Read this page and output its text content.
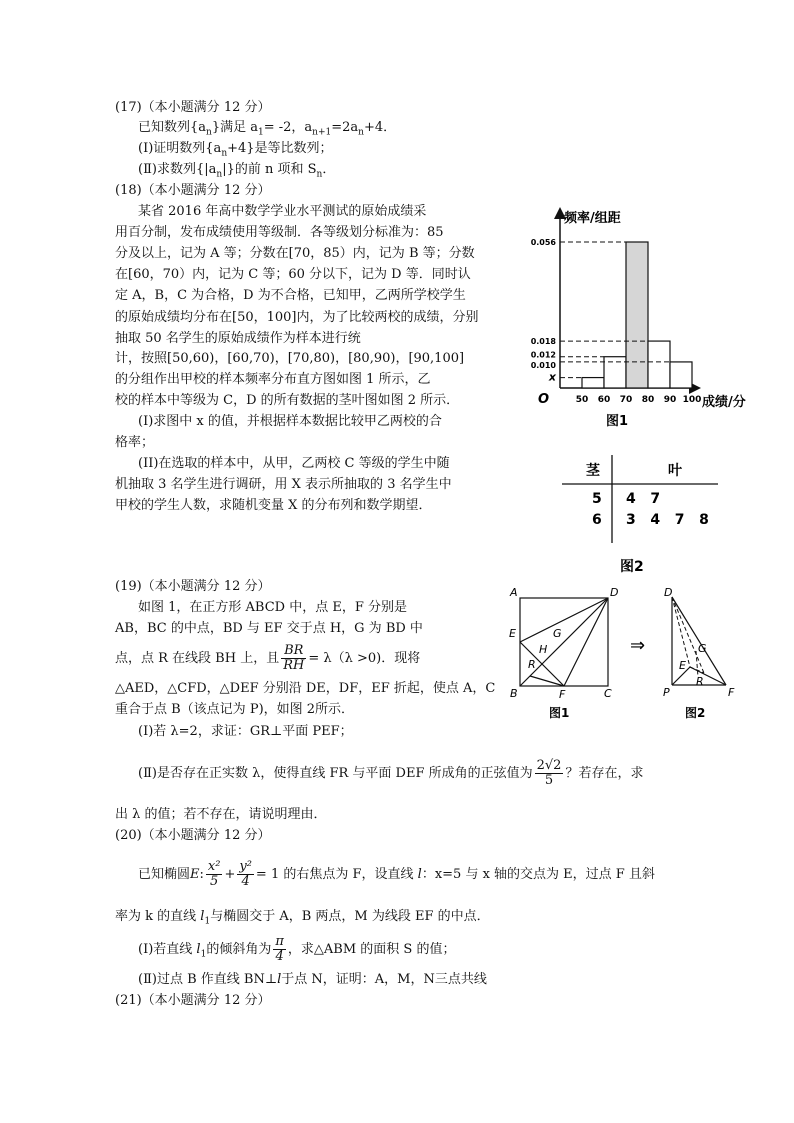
(17)（本小题满分 12 分）
已知数列$\{a_n\}$满足 $a_1= -2$，$a_{n+1}=2a_n+4$．
(I)证明数列$\{a_n+4\}$是等比数列；
(Ⅱ)求数列$\{|a_n|\}$的前 n 项和 $S_n$．
(18)（本小题满分 12 分）
某省 2016 年高中数学学业水平测试的原始成绩采
用百分制，发布成绩使用等级制．各等级划分标准为：85
分及以上，记为 A 等；分数在[70，85）内，记为 B 等；分数
在[60，70）内，记为 C 等；60 分以下，记为 D 等．同时认
定 A，B，C 为合格，D 为不合格，已知甲，乙两所学校学生
的原始成绩均分布在[50，100]内，为了比较两校的成绩，分别抽取 50 名学生的原始成绩作为样本进行统
计，按照[50,60)，[60,70)，[70,80)，[80,90)，[90,100]
的分组作出甲校的样本频率分布直方图如图 1 所示，乙
校的样本中等级为 C，D 的所有数据的茎叶图如图 2 所示．
(I)求图中 x 的值，并根据样本数据比较甲乙两校的合
格率；
(II)在选取的样本中，从甲，乙两校 C 等级的学生中随
机抽取 3 名学生进行调研，用 X 表示所抽取的 3 名学生中
甲校的学生人数，求随机变量 X 的分布列和数学期望．
频率/组距
成绩/分
O	50 60 70 80 90 100
0.056
0.018
0.012
0.010
x
图1
茎	叶
5 4   7
6 3   4   7   8
图2
(19)（本小题满分 12 分）
如图 1，在正方形 ABCD 中，点 E，F 分别是
AB，BC 的中点，BD 与 EF 交于点 H，G 为 BD 中
点，点 R 在线段 BH 上，且 $\frac{BR}{RH} = \lambda(\lambda >0)$．现将
△AED，△CFD，△DEF 分别沿 DE，DF，EF 折起，使点 A，C
重合于点 B（该点记为 P)，如图 2所示．
(I)若 λ=2，求证：GR⊥平面 PEF；
(Ⅱ)是否存在正实数 λ，使得直线 FR 与平面 DEF 所成角的正弦值为 $\frac{2√2}{5}$ ？若存在，求
出 λ 的值；若不存在，请说明理由．
A	D
B	C
E
F
G
H
R
图1
⇒
D
G
E
R
P	F
图2
(20)（本小题满分 12 分）
已知椭圆E: $\frac{\text{x²}}{5} + \frac{\text{y²}}{4} = 1$ 的右焦点为 F，设直线 l：x=5 与 x 轴的交点为 E，过点 F 且斜
率为 k 的直线 $l_1$与椭圆交于 A，B 两点，M 为线段 EF 的中点．
(I)若直线 $l_1$的倾斜角为 $\frac{\pi}{4}$ ，求△ABM 的面积 S 的值；
(Ⅱ)过点 B 作直线 BN⊥l于点 N，证明：A，M，N三点共线
(21)（本小题满分 12 分）
